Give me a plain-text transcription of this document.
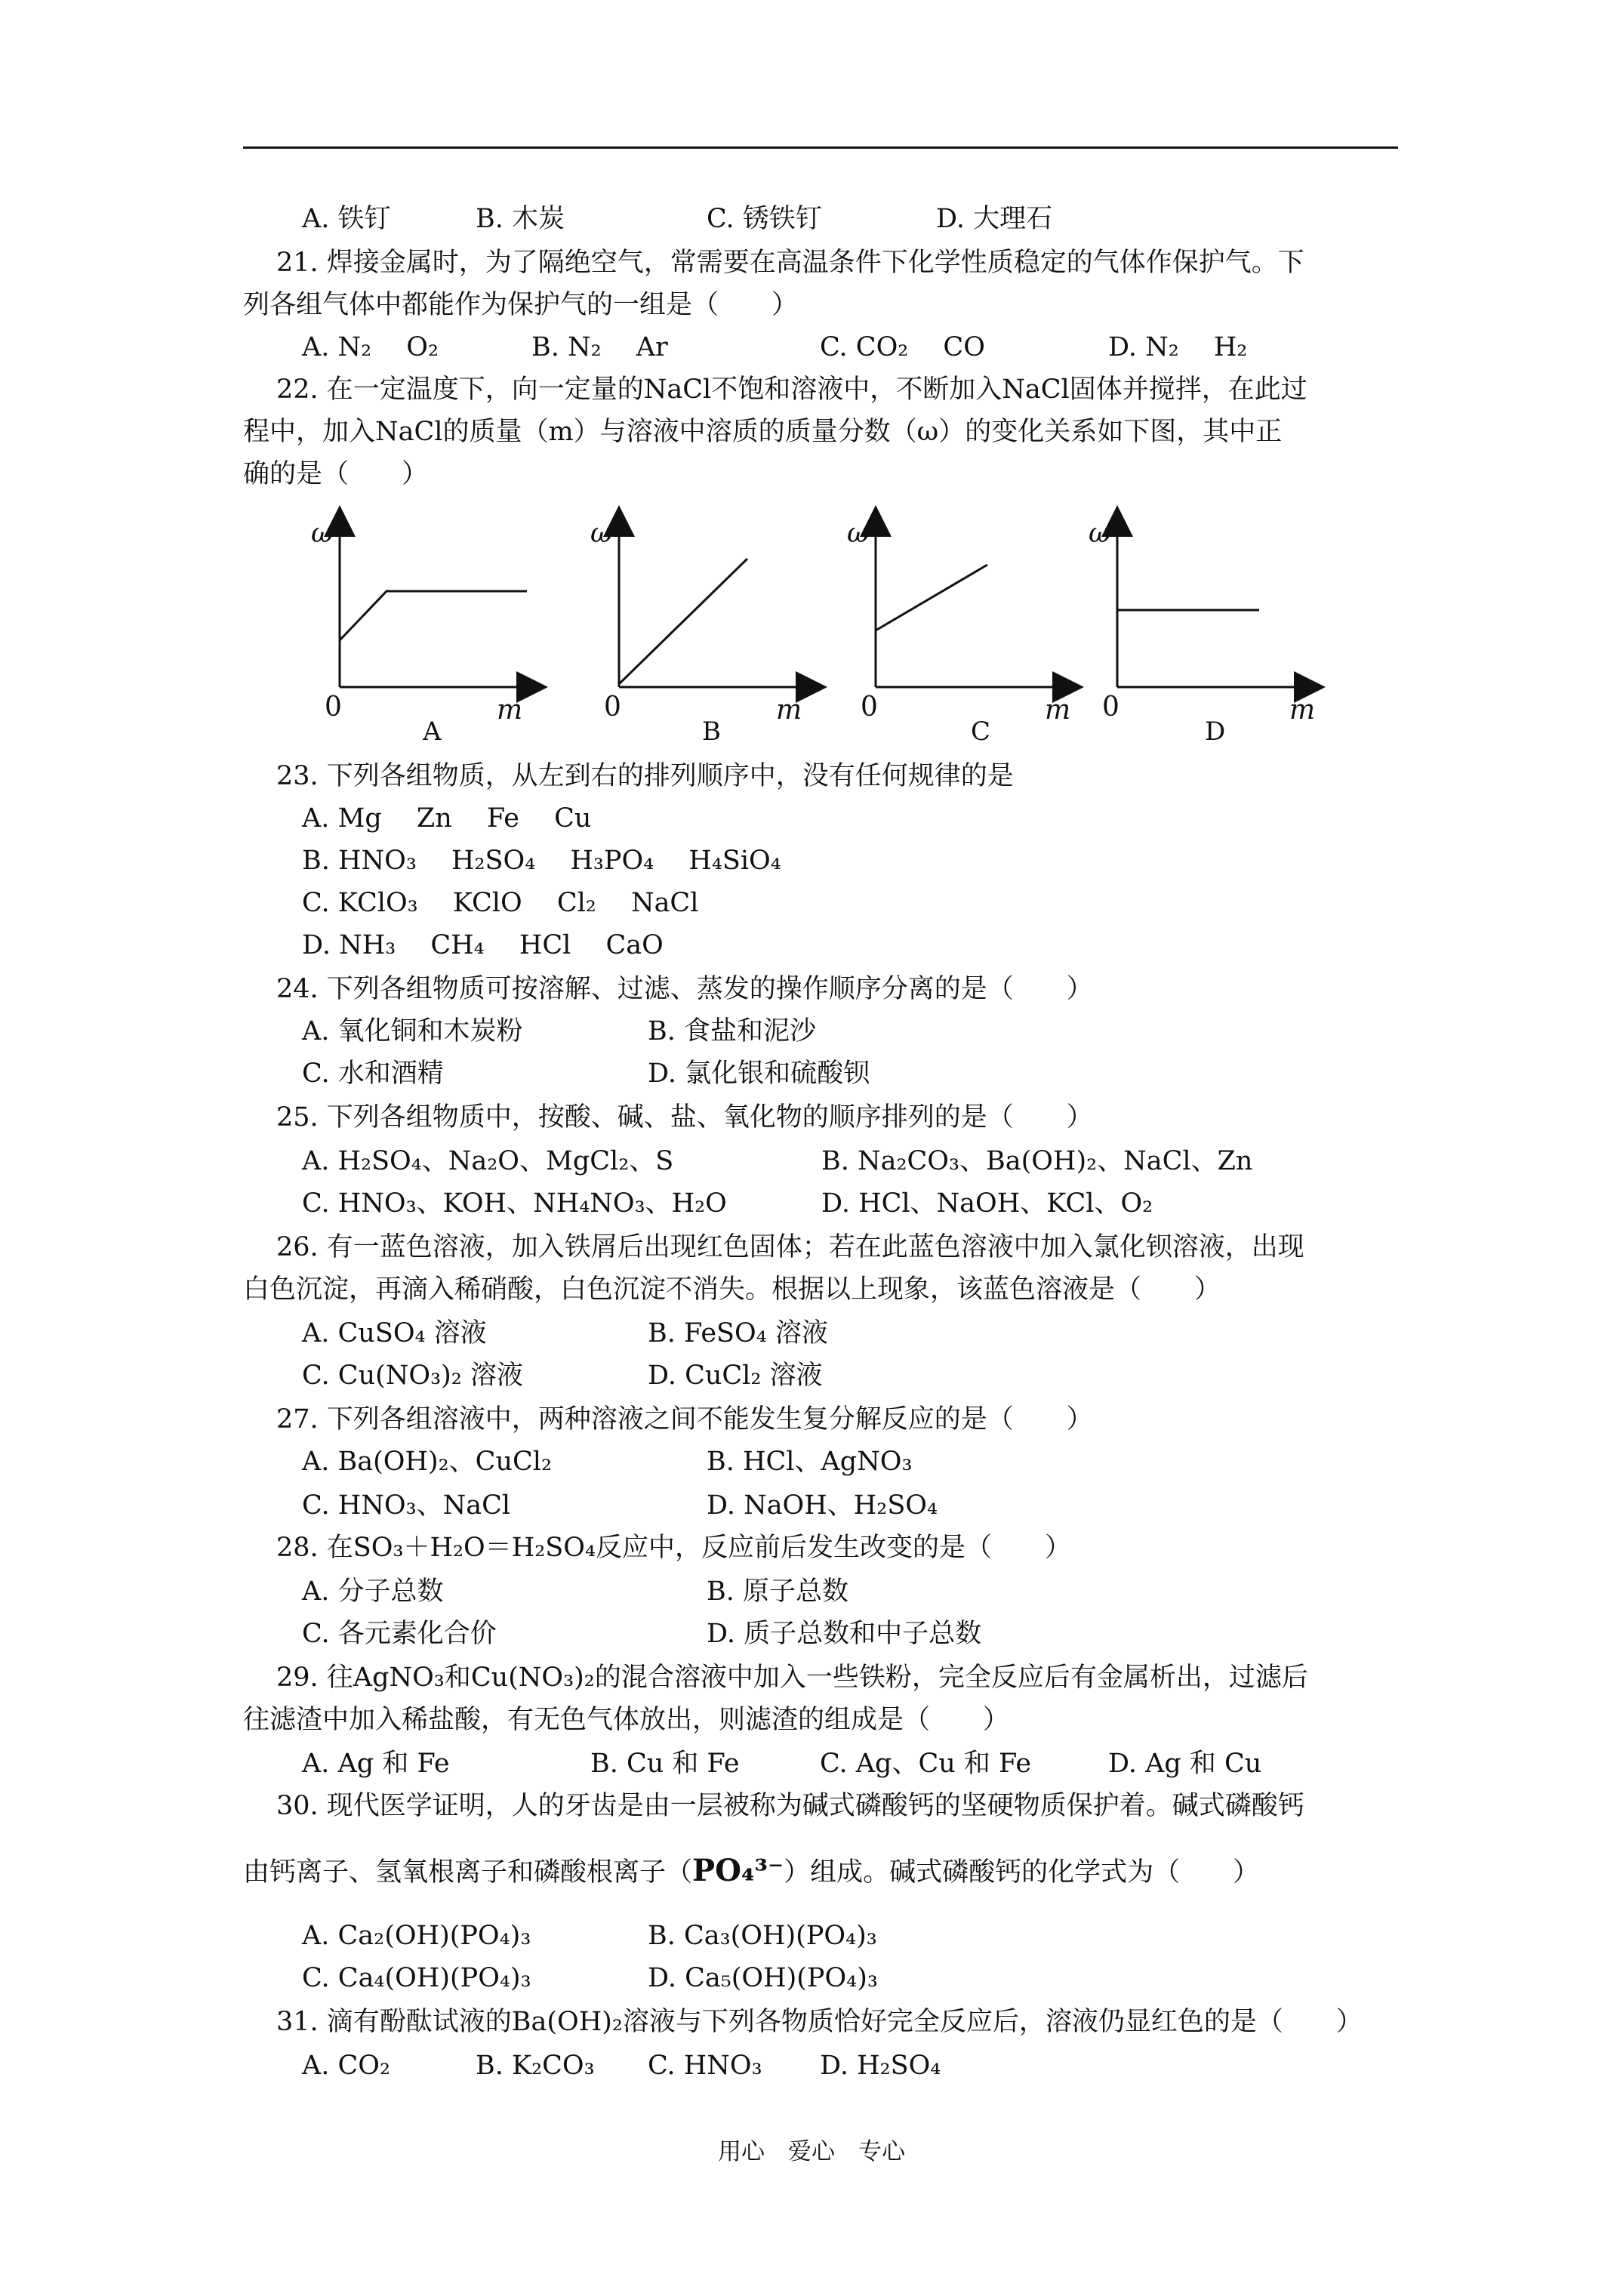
A. 铁钉	B. 木炭	C. 锈铁钉	D. 大理石
21. 焊接金属时，为了隔绝空气，常需要在高温条件下化学性质稳定的气体作保护气。下
列各组气体中都能作为保护气的一组是（　　）
A. N₂　 O₂	B. N₂　 Ar	C. CO₂　 CO	D. N₂　 H₂
22. 在一定温度下，向一定量的NaCl不饱和溶液中，不断加入NaCl固体并搅拌，在此过
程中，加入NaCl的质量（m）与溶液中溶质的质量分数（ω）的变化关系如下图，其中正
确的是（　　）
ω
0	m
A
ω
0	m
B
ω
0	m
C
ω
0	m
D
23. 下列各组物质，从左到右的排列顺序中，没有任何规律的是
A. Mg　 Zn　 Fe　 Cu
B. HNO₃　 H₂SO₄　 H₃PO₄　 H₄SiO₄
C. KClO₃　 KClO　 Cl₂　 NaCl
D. NH₃　 CH₄　 HCl　 CaO
24. 下列各组物质可按溶解、过滤、蒸发的操作顺序分离的是（　　）
A. 氧化铜和木炭粉	B. 食盐和泥沙
C. 水和酒精	D. 氯化银和硫酸钡
25. 下列各组物质中，按酸、碱、盐、氧化物的顺序排列的是（　　）
A. H₂SO₄、Na₂O、MgCl₂、S	B. Na₂CO₃、Ba(OH)₂、NaCl、Zn
C. HNO₃、KOH、NH₄NO₃、H₂O	D. HCl、NaOH、KCl、O₂
26. 有一蓝色溶液，加入铁屑后出现红色固体；若在此蓝色溶液中加入氯化钡溶液，出现
白色沉淀，再滴入稀硝酸，白色沉淀不消失。根据以上现象，该蓝色溶液是（　　）
A. CuSO₄ 溶液	B. FeSO₄ 溶液
C. Cu(NO₃)₂ 溶液	D. CuCl₂ 溶液
27. 下列各组溶液中，两种溶液之间不能发生复分解反应的是（　　）
A. Ba(OH)₂、CuCl₂	B. HCl、AgNO₃
C. HNO₃、NaCl	D. NaOH、H₂SO₄
28. 在SO₃＋H₂O＝H₂SO₄反应中，反应前后发生改变的是（　　）
A. 分子总数	B. 原子总数
C. 各元素化合价	D. 质子总数和中子总数
29. 往AgNO₃和Cu(NO₃)₂的混合溶液中加入一些铁粉，完全反应后有金属析出，过滤后
往滤渣中加入稀盐酸，有无色气体放出，则滤渣的组成是（　　）
A. Ag 和 Fe	B. Cu 和 Fe	C. Ag、Cu 和 Fe	D. Ag 和 Cu
30. 现代医学证明，人的牙齿是由一层被称为碱式磷酸钙的坚硬物质保护着。碱式磷酸钙
由钙离子、氢氧根离子和磷酸根离子（PO₄³⁻）组成。碱式磷酸钙的化学式为（　　）
A. Ca₂(OH)(PO₄)₃	B. Ca₃(OH)(PO₄)₃
C. Ca₄(OH)(PO₄)₃	D. Ca₅(OH)(PO₄)₃
31. 滴有酚酞试液的Ba(OH)₂溶液与下列各物质恰好完全反应后，溶液仍显红色的是（　　）
A. CO₂	B. K₂CO₃ C. HNO₃ D. H₂SO₄
用心　爱心　专心
